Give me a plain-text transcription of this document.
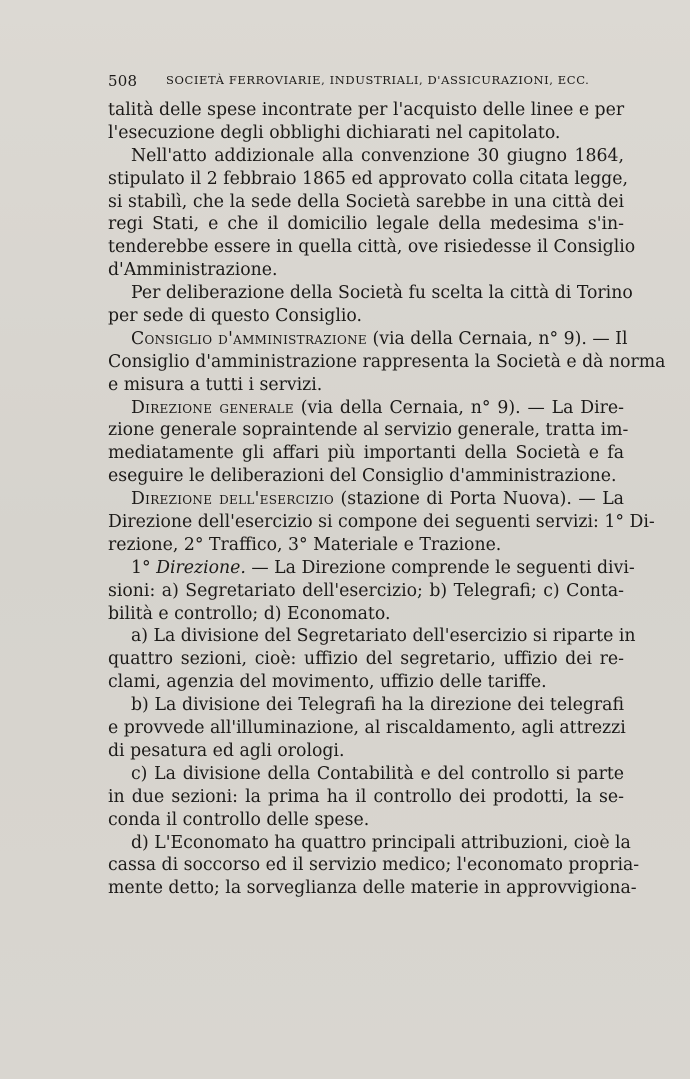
508	SOCIETÀ FERROVIARIE, INDUSTRIALI, D'ASSICURAZIONI, ECC.
talità delle spese incontrate per l'acquisto delle linee e per
l'esecuzione degli obblighi dichiarati nel capitolato.
Nell'atto addizionale alla convenzione 30 giugno 1864,
stipulato il 2 febbraio 1865 ed approvato colla citata legge,
si stabilì, che la sede della Società sarebbe in una città dei
regi Stati, e che il domicilio legale della medesima s'in-
tenderebbe essere in quella città, ove risiedesse il Consiglio
d'Amministrazione.
Per deliberazione della Società fu scelta la città di Torino
per sede di questo Consiglio.
Consiglio d'amministrazione (via della Cernaia, n° 9). — Il
Consiglio d'amministrazione rappresenta la Società e dà norma
e misura a tutti i servizi.
Direzione generale (via della Cernaia, n° 9). — La Dire-
zione generale sopraintende al servizio generale, tratta im-
mediatamente gli affari più importanti della Società e fa
eseguire le deliberazioni del Consiglio d'amministrazione.
Direzione dell'esercizio (stazione di Porta Nuova). — La
Direzione dell'esercizio si compone dei seguenti servizi: 1° Di-
rezione, 2° Traffico, 3° Materiale e Trazione.
1° Direzione. — La Direzione comprende le seguenti divi-
sioni: a) Segretariato dell'esercizio; b) Telegrafi; c) Conta-
bilità e controllo; d) Economato.
a) La divisione del Segretariato dell'esercizio si riparte in
quattro sezioni, cioè: uffizio del segretario, uffizio dei re-
clami, agenzia del movimento, uffizio delle tariffe.
b) La divisione dei Telegrafi ha la direzione dei telegrafi
e provvede all'illuminazione, al riscaldamento, agli attrezzi
di pesatura ed agli orologi.
c) La divisione della Contabilità e del controllo si parte
in due sezioni: la prima ha il controllo dei prodotti, la se-
conda il controllo delle spese.
d) L'Economato ha quattro principali attribuzioni, cioè la
cassa di soccorso ed il servizio medico; l'economato propria-
mente detto; la sorveglianza delle materie in approvvigiona-
